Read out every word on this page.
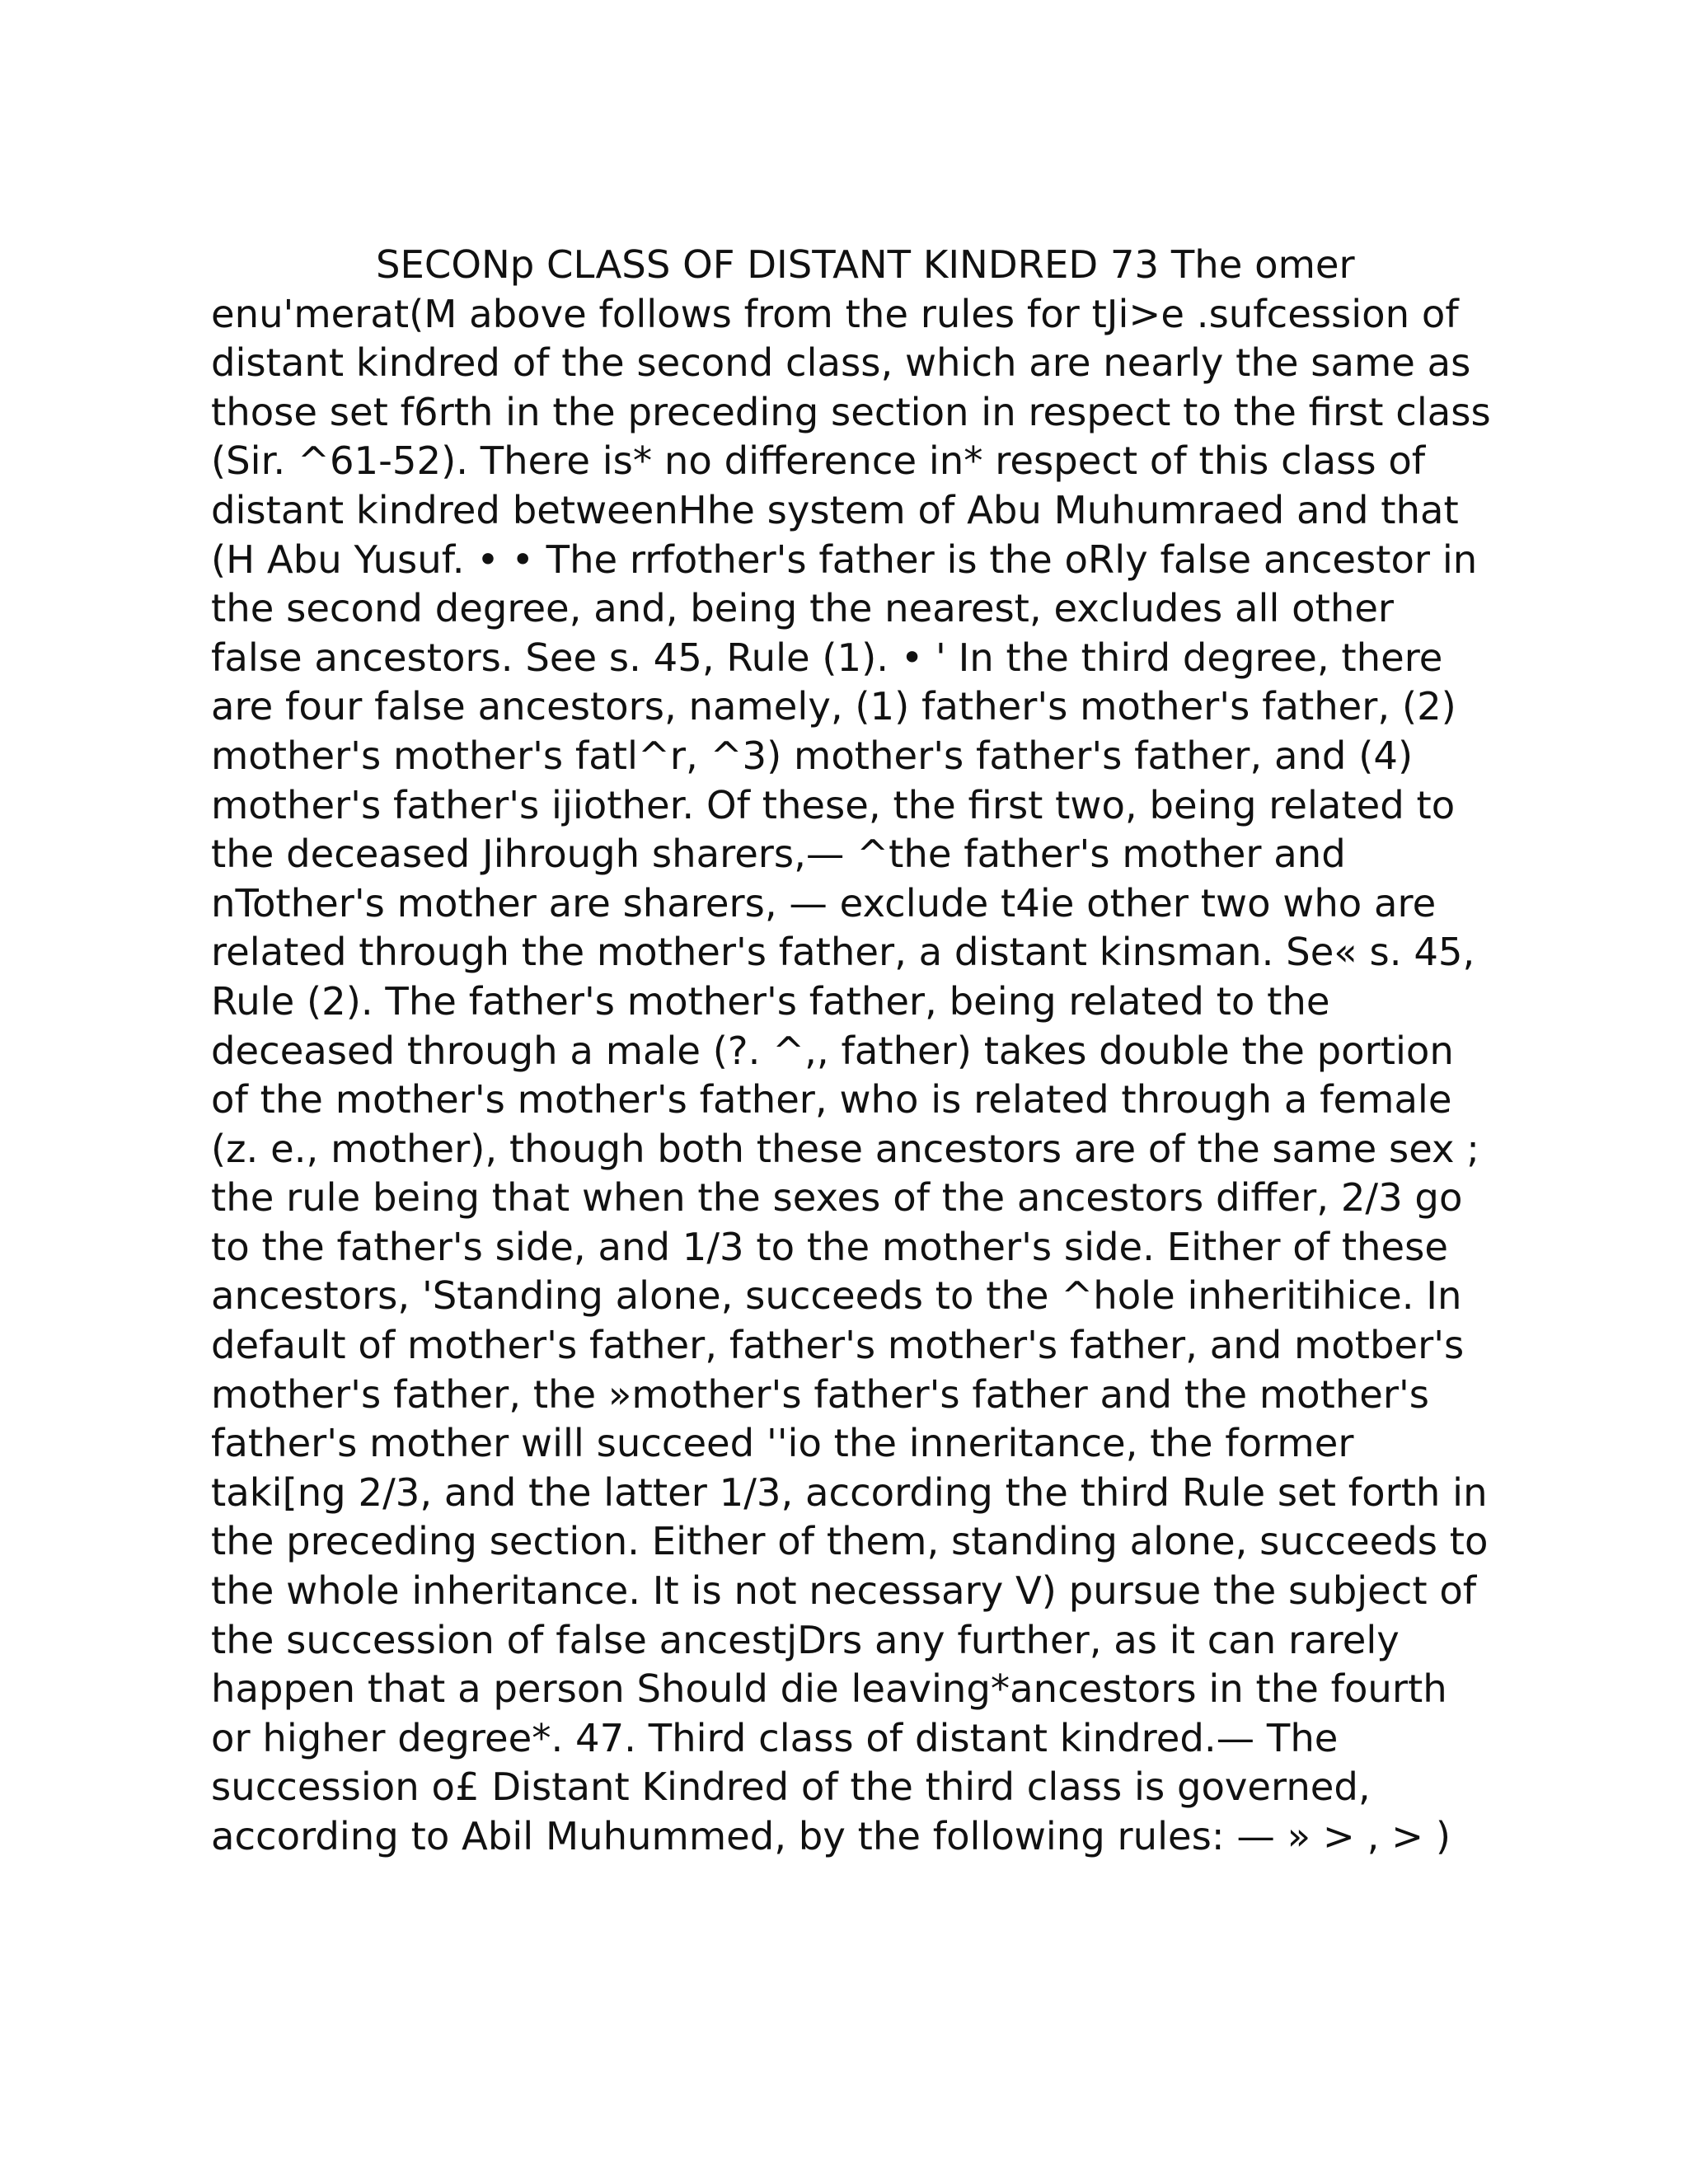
SECONp CLASS OF DISTANT KINDRED 73 The omer enu'merat(M above follows from the rules for tJi>e .sufcession of distant kindred of the second class, which are nearly the same as those set f6rth in the preceding section in respect to the first class (Sir. ^61-52). There is* no difference in* respect of this class of distant kindred betweenHhe system of Abu Muhumraed and that (H Abu Yusuf. • • The rrfother's father is the oRly false ancestor in the second degree, and, being the nearest, excludes all other false ancestors. See s. 45, Rule (1). • ' In the third degree, there are four false ancestors, namely, (1) father's mother's father, (2) mother's mother's fatl^r, ^3) mother's father's father, and (4) mother's father's ijiother. Of these, the first two, being related to the deceased Jihrough sharers,— ^the father's mother and nTother's mother are sharers, — exclude t4ie other two who are related through the mother's father, a distant kinsman. Se« s. 45, Rule (2). The father's mother's father, being related to the deceased through a male (?. ^,, father) takes double the portion of the mother's mother's father, who is related through a female (z. e., mother), though both these ancestors are of the same sex ; the rule being that when the sexes of the ancestors differ, 2/3 go to the father's side, and 1/3 to the mother's side. Either of these ancestors, 'Standing alone, succeeds to the ^hole inheritihice. In default of mother's father, father's mother's father, and motber's mother's father, the »mother's father's father and the mother's father's mother will succeed ''io the inneritance, the former taki[ng 2/3, and the latter 1/3, according the third Rule set forth in the preceding section. Either of them, standing alone, succeeds to the whole inheritance. It is not necessary V) pursue the subject of the succession of false ancestjDrs any further, as it can rarely happen that a person Should die leaving*ancestors in the fourth or higher degree*. 47. Third class of distant kindred.— The succession o£ Distant Kindred of the third class is governed, according to Abil Muhummed, by the following rules: — » > , > )
